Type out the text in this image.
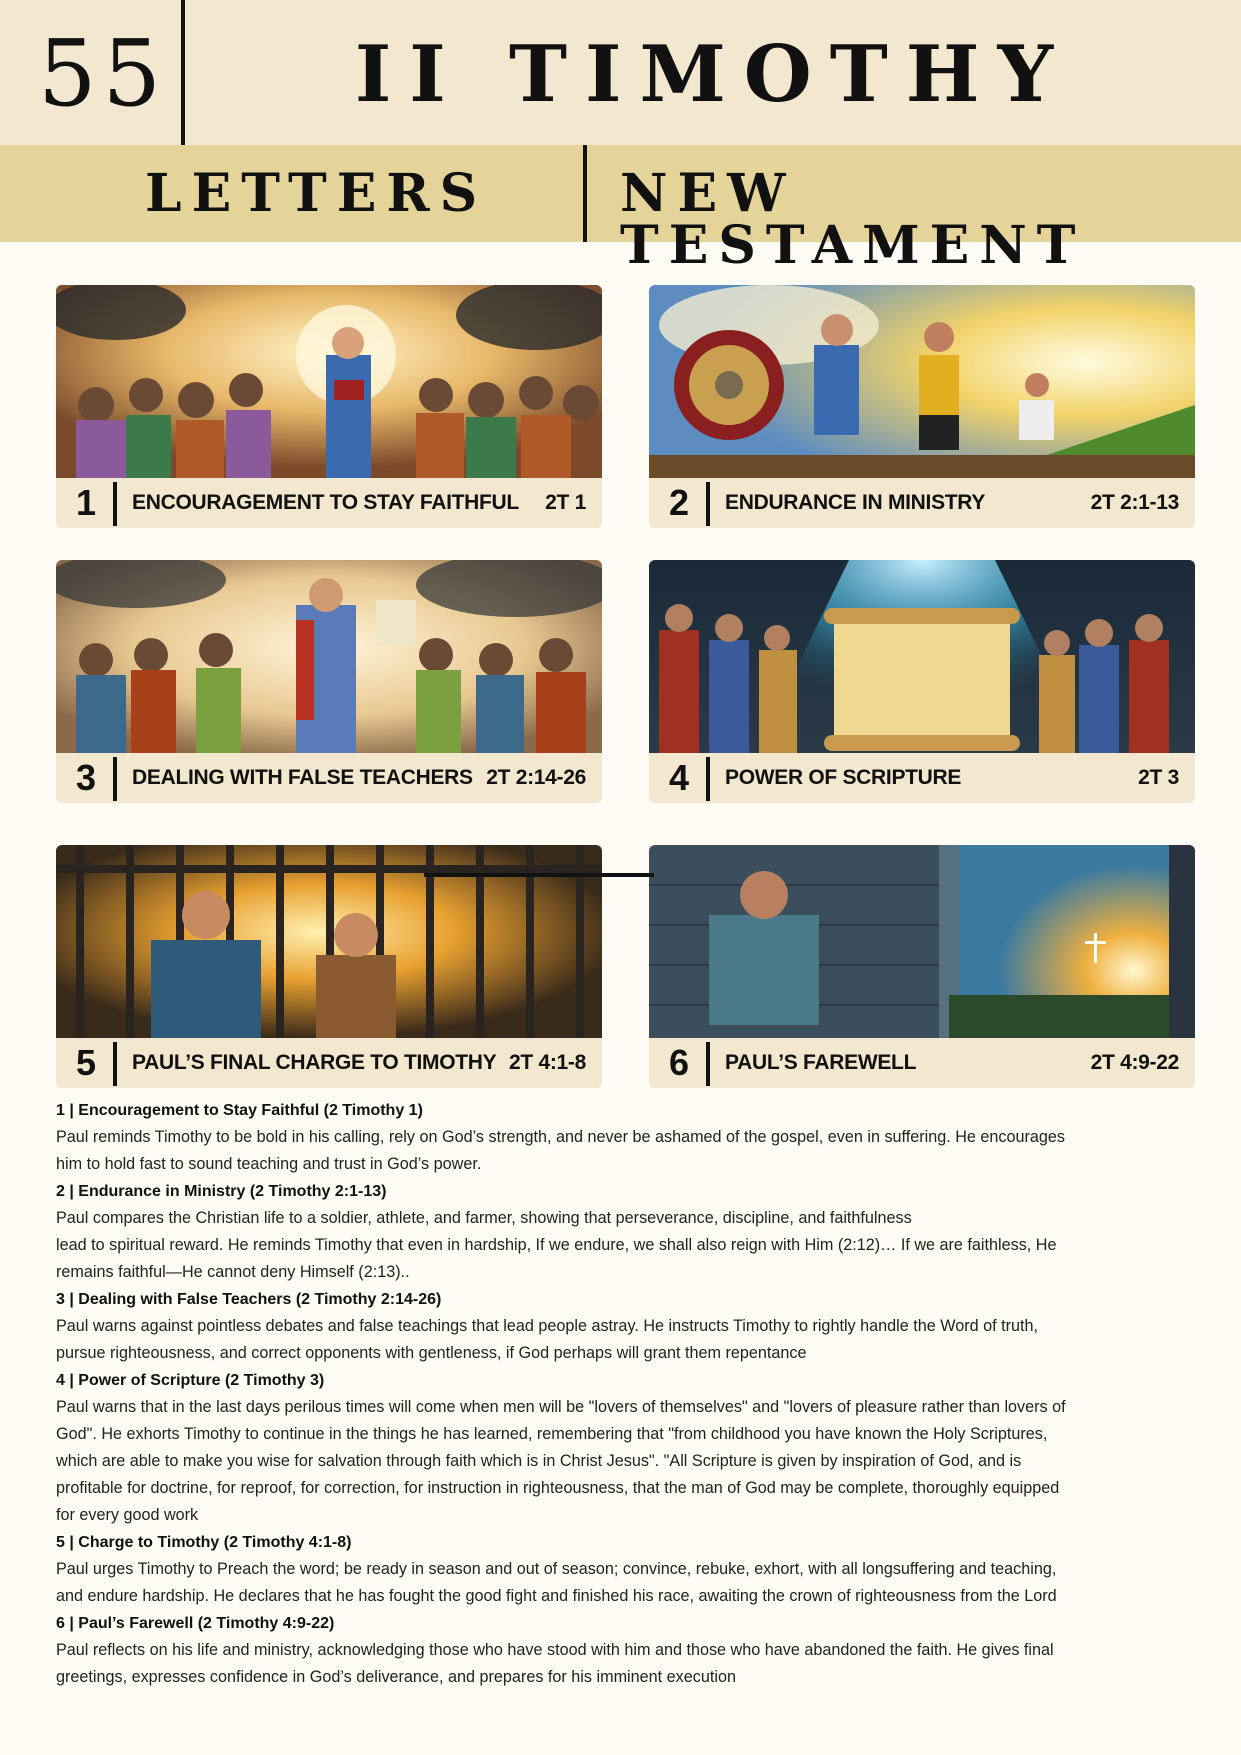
55	II TIMOTHY
LETTERS	NEW TESTAMENT
1 ENCOURAGEMENT TO STAY FAITHFUL 2T 1 2 ENDURANCE IN MINISTRY	2T 2:1-13
3 DEALING WITH FALSE TEACHERS 2T 2:14-26 4 POWER OF SCRIPTURE	2T 3
5 PAUL’S FINAL CHARGE TO TIMOTHY 2T 4:1-8 6 PAUL’S FAREWELL	2T 4:9-22
1 | Encouragement to Stay Faithful (2 Timothy 1)

Paul reminds Timothy to be bold in his calling, rely on God’s strength, and never be ashamed of the gospel, even in suffering. He encourages

him to hold fast to sound teaching and trust in God’s power.

2 | Endurance in Ministry (2 Timothy 2:1-13)

Paul compares the Christian life to a soldier, athlete, and farmer, showing that perseverance, discipline, and faithfulness

lead to spiritual reward. He reminds Timothy that even in hardship, If we endure, we shall also reign with Him (2:12)… If we are faithless, He

remains faithful—He cannot deny Himself (2:13)..

3 | Dealing with False Teachers (2 Timothy 2:14-26)

Paul warns against pointless debates and false teachings that lead people astray. He instructs Timothy to rightly handle the Word of truth,

pursue righteousness, and correct opponents with gentleness, if God perhaps will grant them repentance

4 | Power of Scripture (2 Timothy 3)

Paul warns that in the last days perilous times will come when men will be "lovers of themselves" and "lovers of pleasure rather than lovers of

God". He exhorts Timothy to continue in the things he has learned, remembering that "from childhood you have known the Holy Scriptures,

which are able to make you wise for salvation through faith which is in Christ Jesus". "All Scripture is given by inspiration of God, and is

profitable for doctrine, for reproof, for correction, for instruction in righteousness, that the man of God may be complete, thoroughly equipped

for every good work

5 | Charge to Timothy (2 Timothy 4:1-8)

Paul urges Timothy to Preach the word; be ready in season and out of season; convince, rebuke, exhort, with all longsuffering and teaching,

and endure hardship. He declares that he has fought the good fight and finished his race, awaiting the crown of righteousness from the Lord

6 | Paul’s Farewell (2 Timothy 4:9-22)

Paul reflects on his life and ministry, acknowledging those who have stood with him and those who have abandoned the faith. He gives final

greetings, expresses confidence in God’s deliverance, and prepares for his imminent execution
